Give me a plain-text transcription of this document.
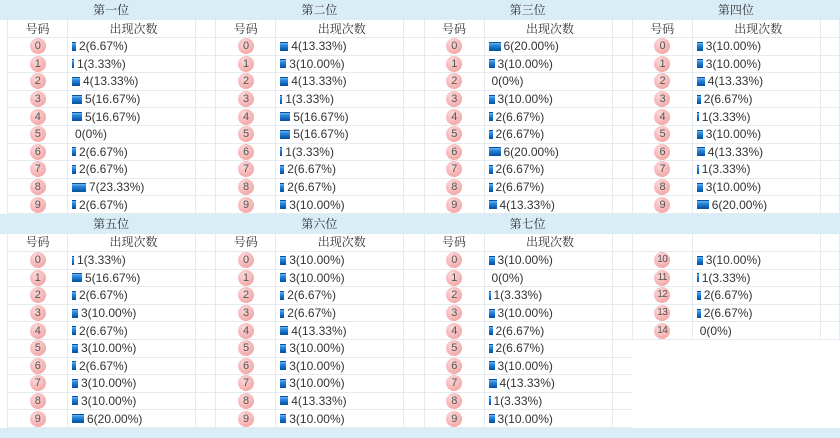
第一位	第二位	第三位	第四位
号码	出现次数
0	2(6.67%)
1	1(3.33%)
2	4(13.33%)
3	5(16.67%)
4	5(16.67%)
5	0(0%)
6	2(6.67%)
7	2(6.67%)
8	7(23.33%)
9	2(6.67%)
号码	出现次数
0	4(13.33%)
1	3(10.00%)
2	4(13.33%)
3	1(3.33%)
4	5(16.67%)
5	5(16.67%)
6	1(3.33%)
7	2(6.67%)
8	2(6.67%)
9	3(10.00%)
号码	出现次数
0	6(20.00%)
1	3(10.00%)
2	0(0%)
3	3(10.00%)
4	2(6.67%)
5	2(6.67%)
6	6(20.00%)
7	2(6.67%)
8	2(6.67%)
9	4(13.33%)
号码	出现次数
0	3(10.00%)
1	3(10.00%)
2	4(13.33%)
3	2(6.67%)
4	1(3.33%)
5	3(10.00%)
6	4(13.33%)
7	1(3.33%)
8	3(10.00%)
9	6(20.00%)
第五位	第六位	第七位
号码	出现次数
0	1(3.33%)
1	5(16.67%)
2	2(6.67%)
3	3(10.00%)
4	2(6.67%)
5	3(10.00%)
6	2(6.67%)
7	3(10.00%)
8	3(10.00%)
9	6(20.00%)
号码	出现次数
0	3(10.00%)
1	3(10.00%)
2	2(6.67%)
3	2(6.67%)
4	4(13.33%)
5	3(10.00%)
6	3(10.00%)
7	3(10.00%)
8	4(13.33%)
9	3(10.00%)
号码	出现次数
0	3(10.00%)
1	0(0%)
2	1(3.33%)
3	3(10.00%)
4	2(6.67%)
5	2(6.67%)
6	3(10.00%)
7	4(13.33%)
8	1(3.33%)
9	3(10.00%)
10	3(10.00%)
11	1(3.33%)
12	2(6.67%)
13	2(6.67%)
14	0(0%)
